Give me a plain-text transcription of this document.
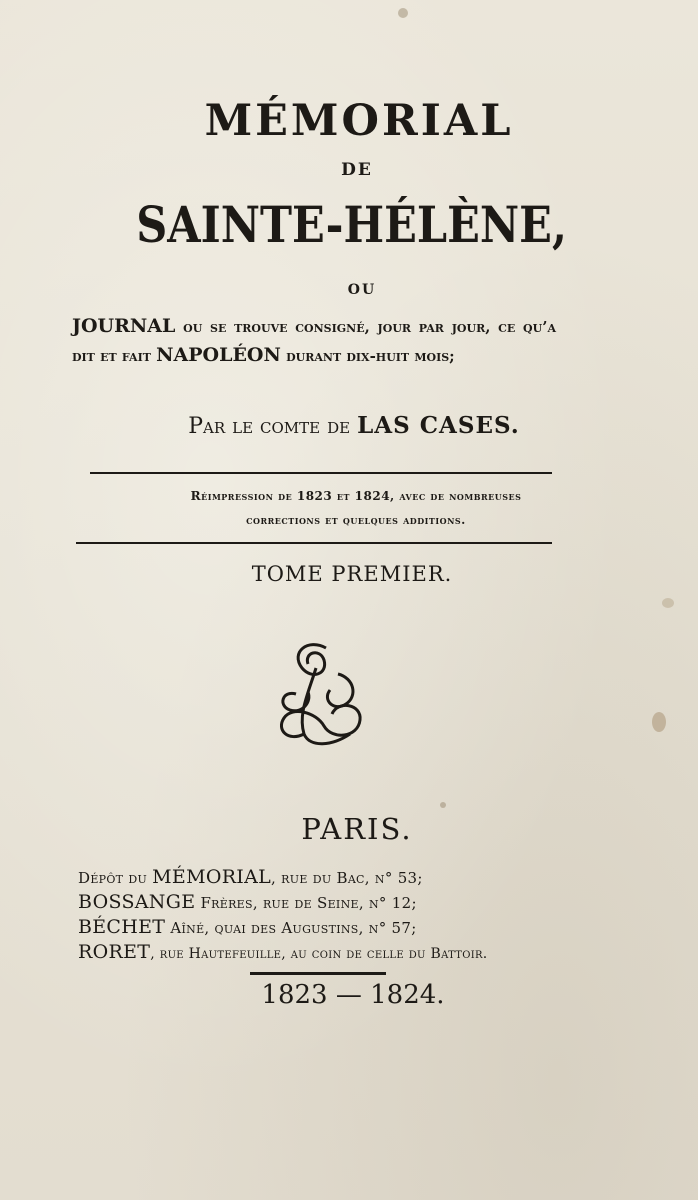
MÉMORIAL
DE
SAINTE-HÉLÈNE,
OU
JOURNAL ou se trouve consigné, jour par jour, ce qu’a dit et fait NAPOLÉON durant dix-huit mois;
Par le comte de LAS CASES.
Réimpression de 1823 et 1824, avec de nombreuses
corrections et quelques additions.
TOME PREMIER.
L
PARIS.
Dépôt du MÉMORIAL, rue du Bac, n° 53;
BOSSANGE Frères, rue de Seine, n° 12;
BÉCHET Aîné, quai des Augustins, n° 57;
RORET, rue Hautefeuille, au coin de celle du Battoir.
1823 — 1824.
